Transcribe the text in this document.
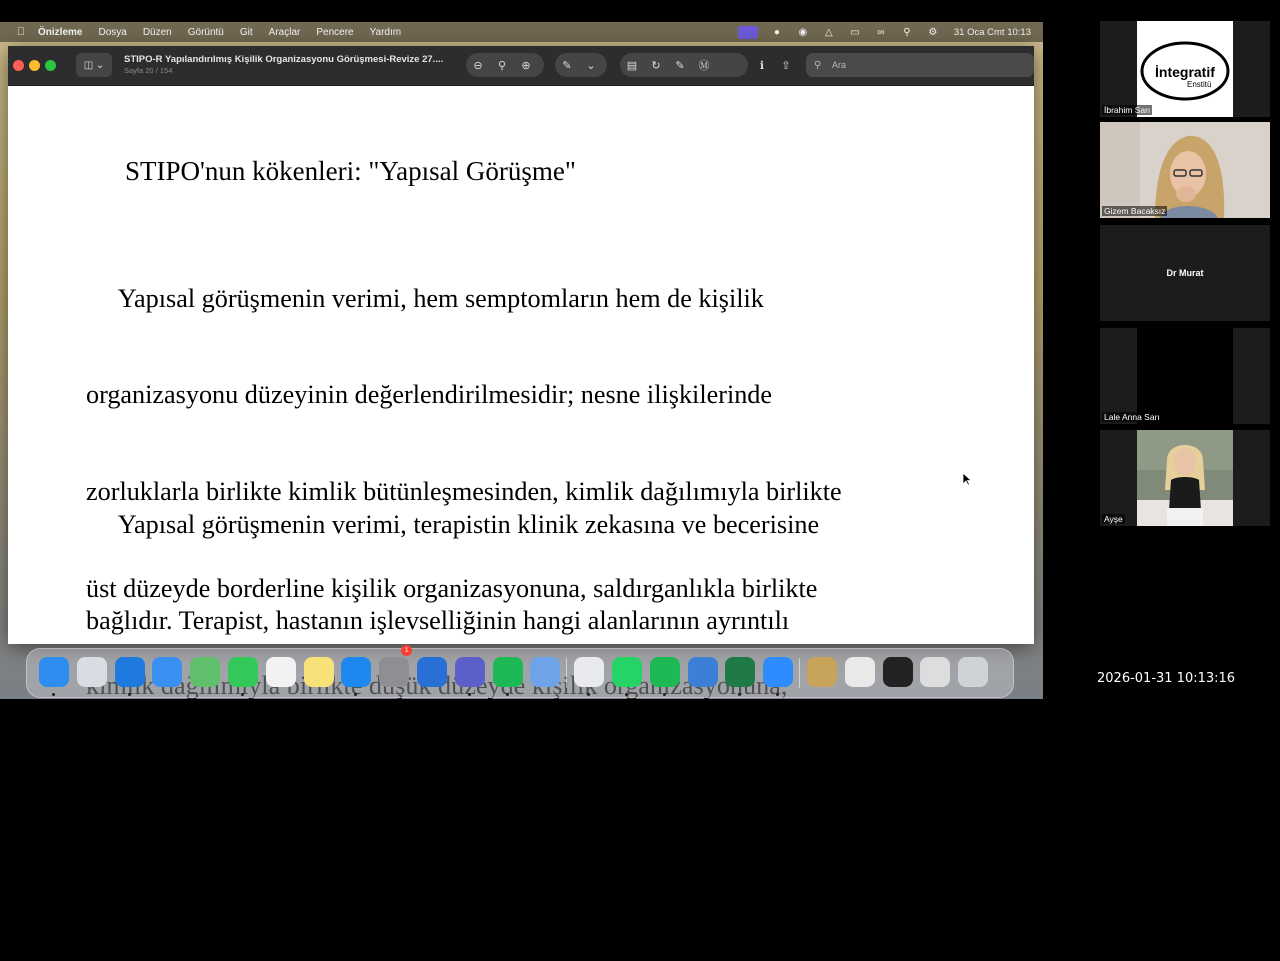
Önizleme Dosya Düzen Görüntü Git Araçlar Pencere Yardım	●	◉	△	▭	∞	⚲	⚙ 31 Oca Cmt 10:13
◫ ⌄ STIPO-R Yapılandırılmış Kişilik Organizasyonu Görüşmesi-Revize 27....
Sayfa 20 / 154	⊖	⚲	⊕	✎	⌄	▤	↻	✎	Ⓜ	ℹ	⇧	⚲	Ara
STIPO'nun kökenleri: "Yapısal Görüşme"

Yapısal görüşmenin verimi, hem semptomların hem de kişilik

organizasyonu düzeyinin değerlendirilmesidir; nesne ilişkilerinde

zorluklarla birlikte kimlik bütünleşmesinden, kimlik dağılımıyla birlikte

üst düzeyde borderline kişilik organizasyonuna, saldırganlıkla birlikte

dağılımıyla   düzeyde kişilik

nesne ilişkilerinde ciddi patoloji ve ahlaki işlevlerde eksikliklerle

karakterize edilir.

Yapısal görüşmenin verimi, terapistin klinik zekasına ve becerisine

bağlıdır. Terapist, hastanın işlevselliğinin hangi alanlarının ayrıntılı

olarak değerlendirileceği konusunda ince kararlar vermelidir.

1
İntegratif
Enstitü
İbrahim Sarı
Gizem Bacaksız
Dr Murat
Lale Anna Sarı
Ayşe
2026-01-31 10:13:16
